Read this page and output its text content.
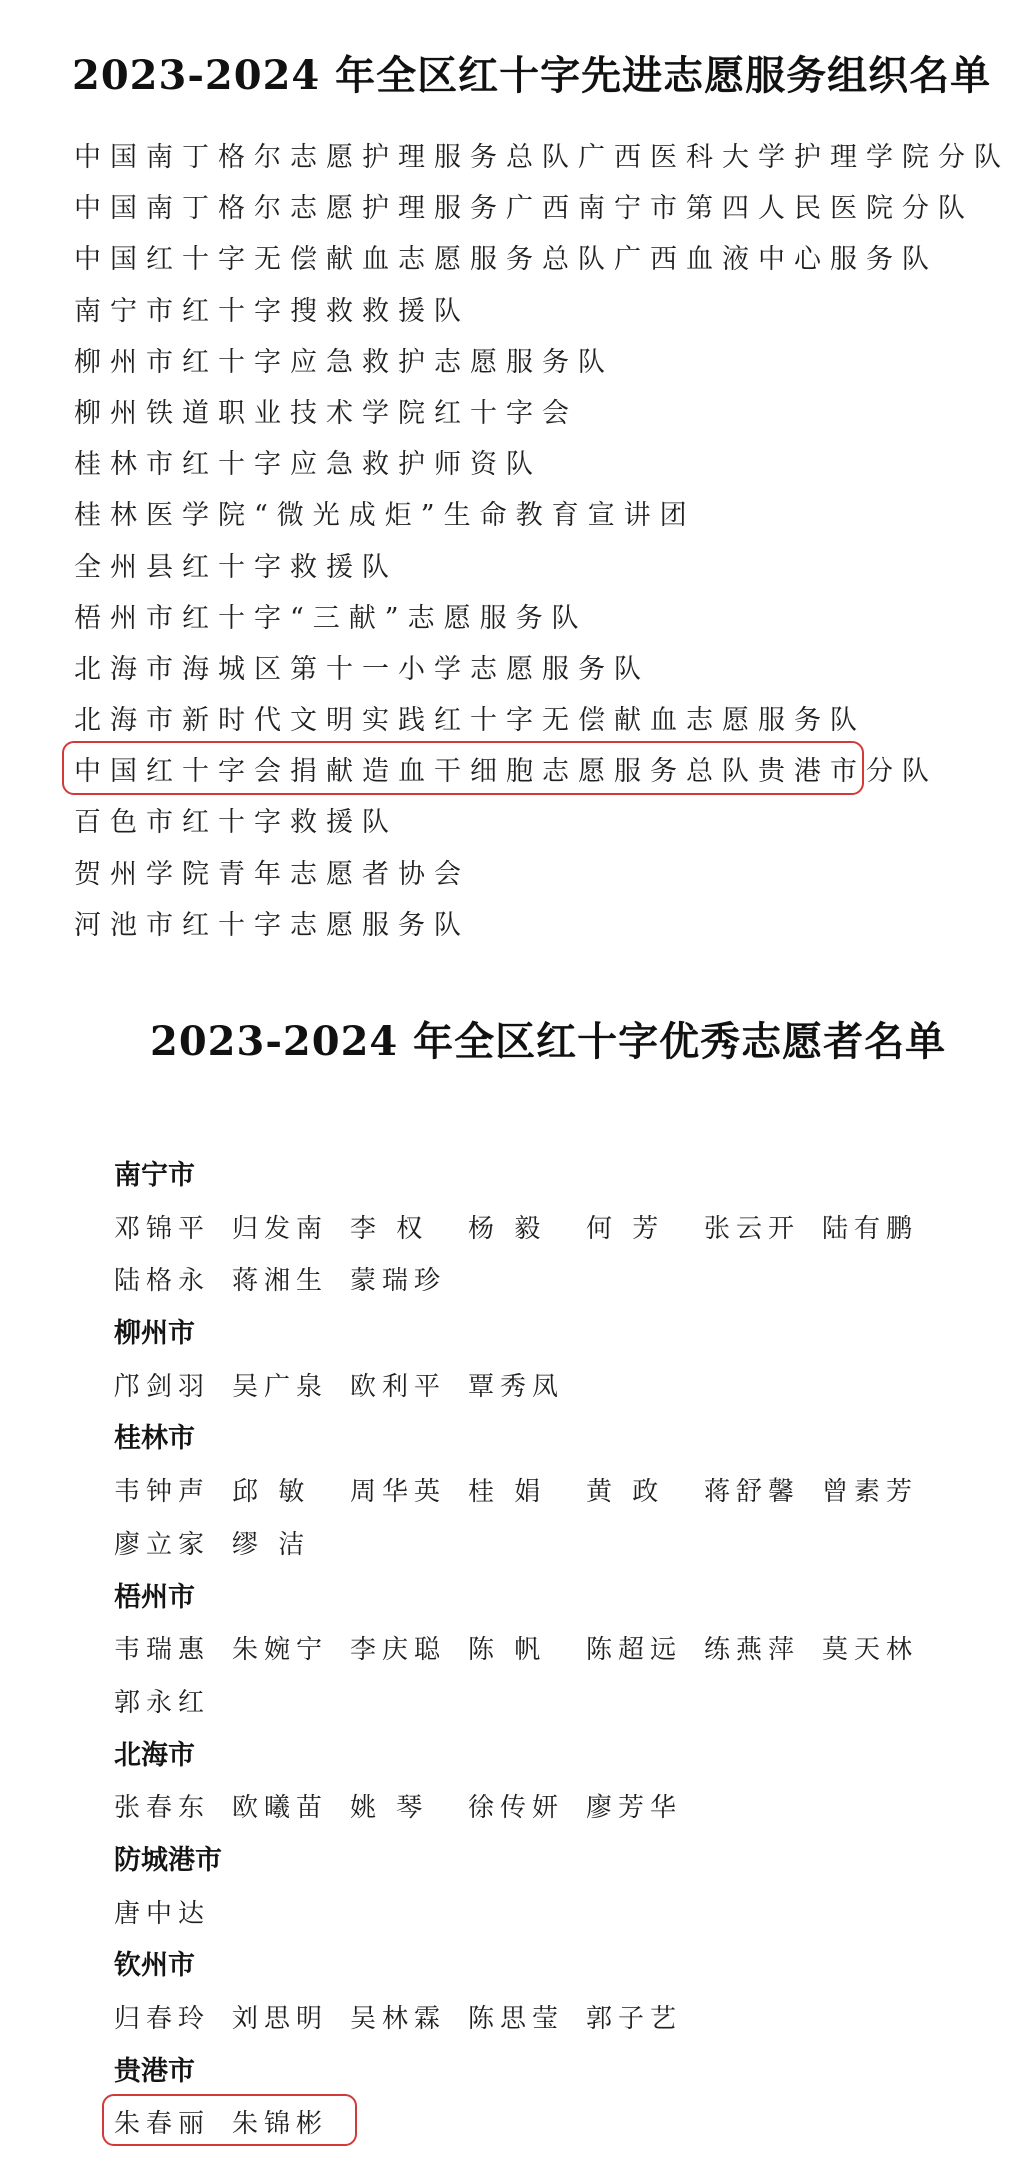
2023-2024 年全区红十字先进志愿服务组织名单
中国南丁格尔志愿护理服务总队广西医科大学护理学院分队
中国南丁格尔志愿护理服务广西南宁市第四人民医院分队
中国红十字无偿献血志愿服务总队广西血液中心服务队
南宁市红十字搜救救援队
柳州市红十字应急救护志愿服务队
柳州铁道职业技术学院红十字会
桂林市红十字应急救护师资队
桂林医学院“微光成炬”生命教育宣讲团
全州县红十字救援队
梧州市红十字“三献”志愿服务队
北海市海城区第十一小学志愿服务队
北海市新时代文明实践红十字无偿献血志愿服务队
中国红十字会捐献造血干细胞志愿服务总队贵港市分队
百色市红十字救援队
贺州学院青年志愿者协会
河池市红十字志愿服务队
2023-2024 年全区红十字优秀志愿者名单
南宁市
邓锦平 归发南 李 权	杨 毅	何 芳	张云开 陆有鹏
陆格永 蒋湘生 蒙瑞珍
柳州市
邝剑羽 吴广泉 欧利平 覃秀凤
桂林市
韦钟声 邱 敏	周华英 桂 娟	黄 政	蒋舒馨 曾素芳
廖立家 缪 洁
梧州市
韦瑞惠 朱婉宁 李庆聪 陈 帆	陈超远 练燕萍 莫天林
郭永红
北海市
张春东 欧曦苗 姚 琴	徐传妍 廖芳华
防城港市
唐中达
钦州市
归春玲 刘思明 吴林霖 陈思莹 郭子艺
贵港市
朱春丽 朱锦彬
